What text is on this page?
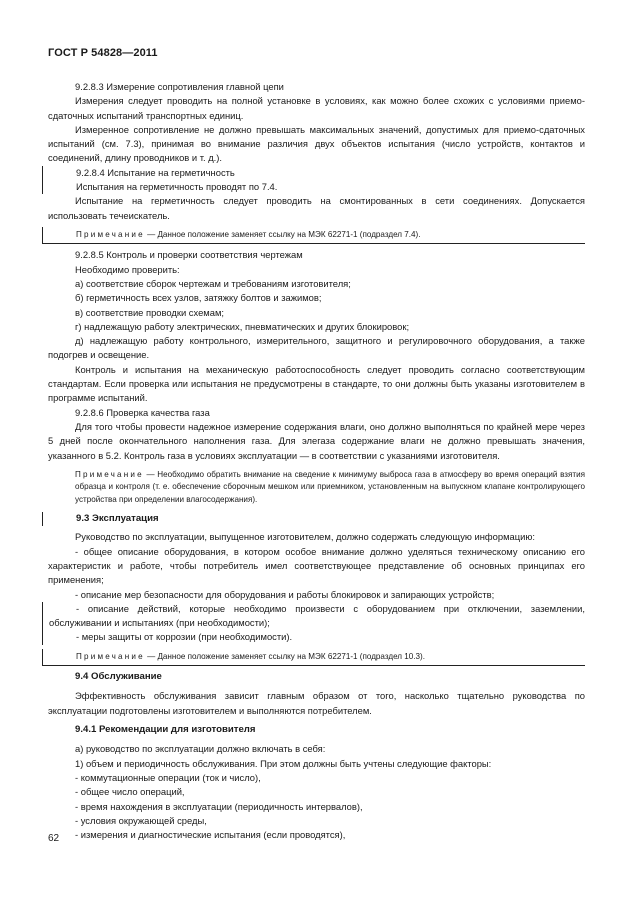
ГОСТ Р 54828—2011

9.2.8.3 Измерение сопротивления главной цепи

Измерения следует проводить на полной установке в условиях, как можно более схожих с условиями приемо-сдаточных испытаний транспортных единиц.

Измеренное сопротивление не должно превышать максимальных значений, допустимых для приемо-сдаточных испытаний (см. 7.3), принимая во внимание различия двух объектов испытания (число устройств, контактов и соединений, длину проводников и т. д.).

9.2.8.4 Испытание на герметичность

Испытания на герметичность проводят по 7.4.

Испытание на герметичность следует проводить на смонтированных в сети соединениях. Допускается использовать течеискатель.

Примечание — Данное положение заменяет ссылку на МЭК 62271-1 (подраздел 7.4).

9.2.8.5 Контроль и проверки соответствия чертежам

Необходимо проверить:

а) соответствие сборок чертежам и требованиям изготовителя;

б) герметичность всех узлов, затяжку болтов и зажимов;

в) соответствие проводки схемам;

г) надлежащую работу электрических, пневматических и других блокировок;

д) надлежащую работу контрольного, измерительного, защитного и регулировочного оборудования, а также подогрев и освещение.

Контроль и испытания на механическую работоспособность следует проводить согласно соответствующим стандартам. Если проверка или испытания не предусмотрены в стандарте, то они должны быть указаны изготовителем в программе испытаний.

9.2.8.6 Проверка качества газа

Для того чтобы провести надежное измерение содержания влаги, оно должно выполняться по крайней мере через 5 дней после окончательного наполнения газа. Для элегаза содержание влаги не должно превышать значения, указанного в 5.2. Контроль газа в условиях эксплуатации — в соответствии с указаниями изготовителя.

Примечание — Необходимо обратить внимание на сведение к минимуму выброса газа в атмосферу во время операций взятия образца и контроля (т. е. обеспечение сборочным мешком или приемником, установленным на выпускном клапане контролирующего устройства при определении влагосодержания).

9.3 Эксплуатация

Руководство по эксплуатации, выпущенное изготовителем, должно содержать следующую информацию:

- общее описание оборудования, в котором особое внимание должно уделяться техническому описанию его характеристик и работе, чтобы потребитель имел соответствующее представление об основных принципах его применения;

- описание мер безопасности для оборудования и работы блокировок и запирающих устройств;

- описание действий, которые необходимо произвести с оборудованием при отключении, заземлении, обслуживании и испытаниях (при необходимости);

- меры защиты от коррозии (при необходимости).

Примечание — Данное положение заменяет ссылку на МЭК 62271-1 (подраздел 10.3).

9.4 Обслуживание

Эффективность обслуживания зависит главным образом от того, насколько тщательно руководства по эксплуатации подготовлены изготовителем и выполняются потребителем.

9.4.1 Рекомендации для изготовителя

а) руководство по эксплуатации должно включать в себя:

1) объем и периодичность обслуживания. При этом должны быть учтены следующие факторы:

- коммутационные операции (ток и число),

- общее число операций,

- время нахождения в эксплуатации (периодичность интервалов),

- условия окружающей среды,

- измерения и диагностические испытания (если проводятся),

62
